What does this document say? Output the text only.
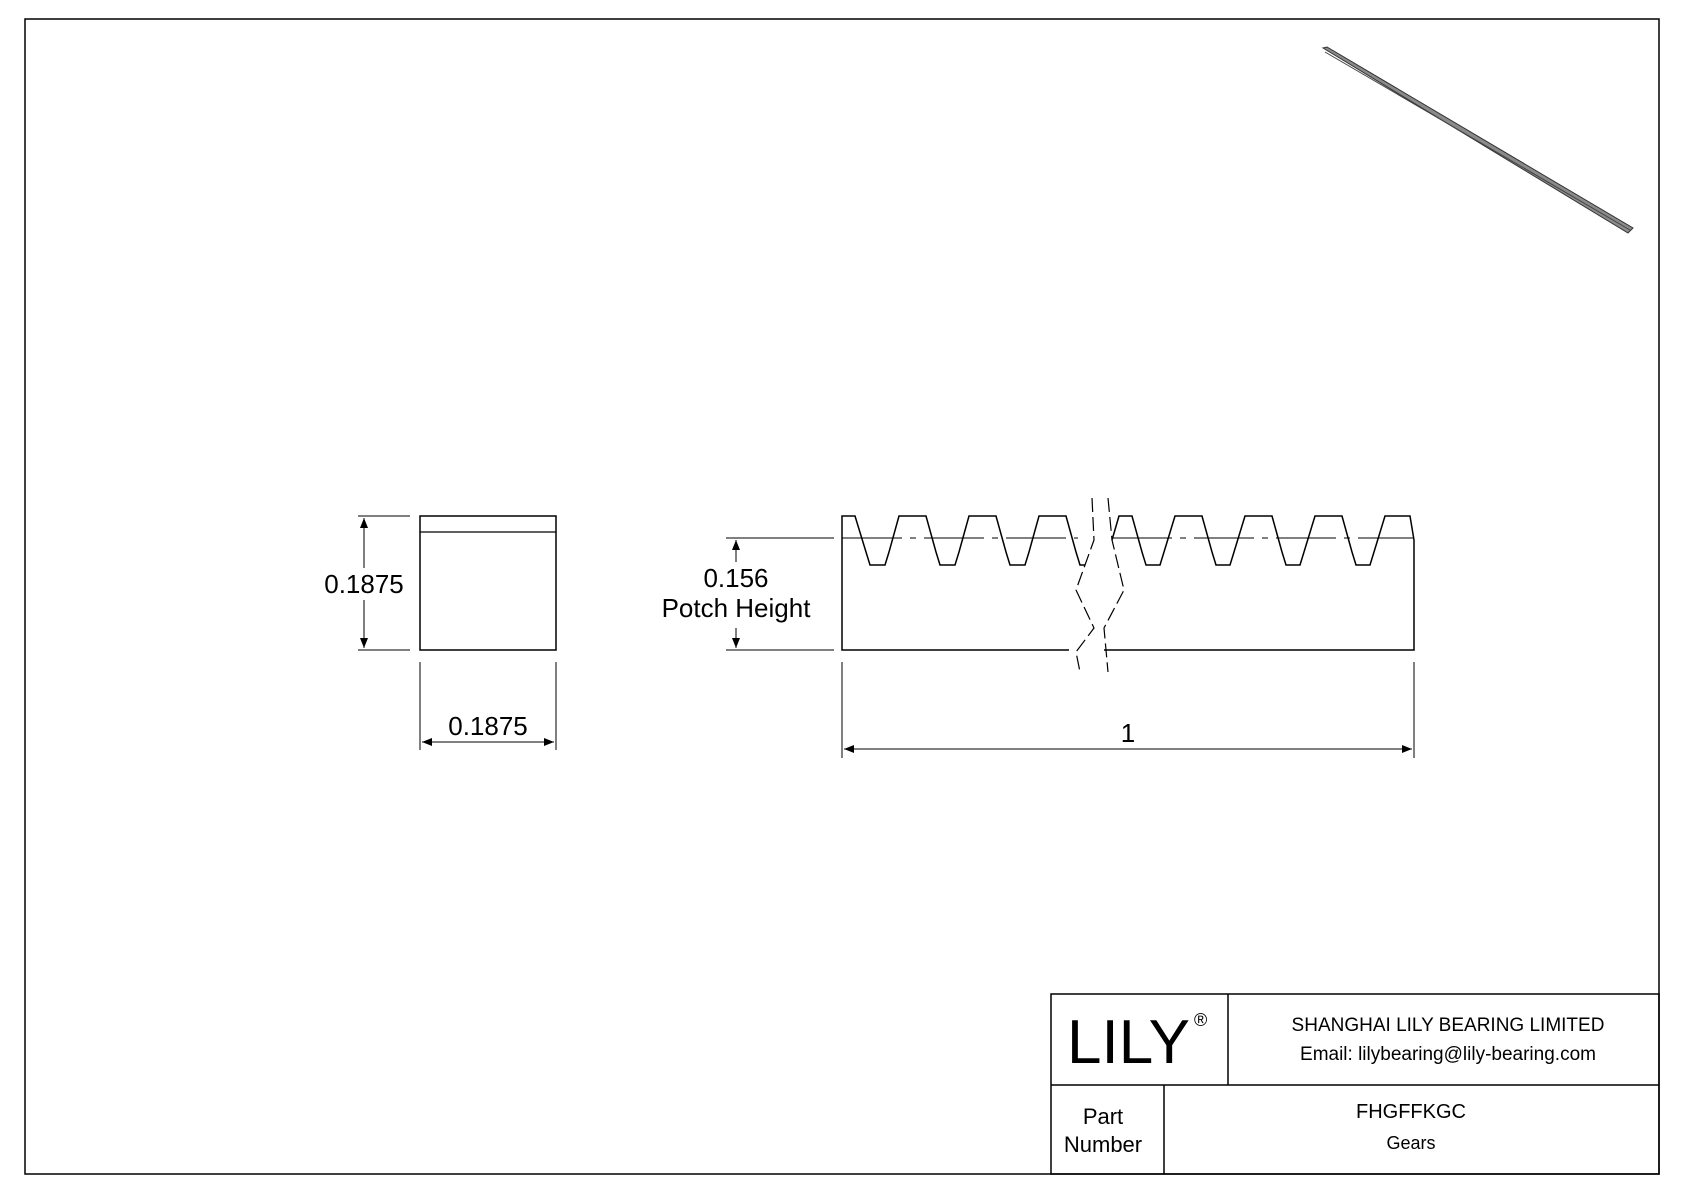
0.1875
0.1875
0.156
Potch Height
1
LILY ®	SHANGHAI LILY BEARING LIMITED
Email: lilybearing@lily-bearing.com
Part
Number
FHGFFKGC
Gears
